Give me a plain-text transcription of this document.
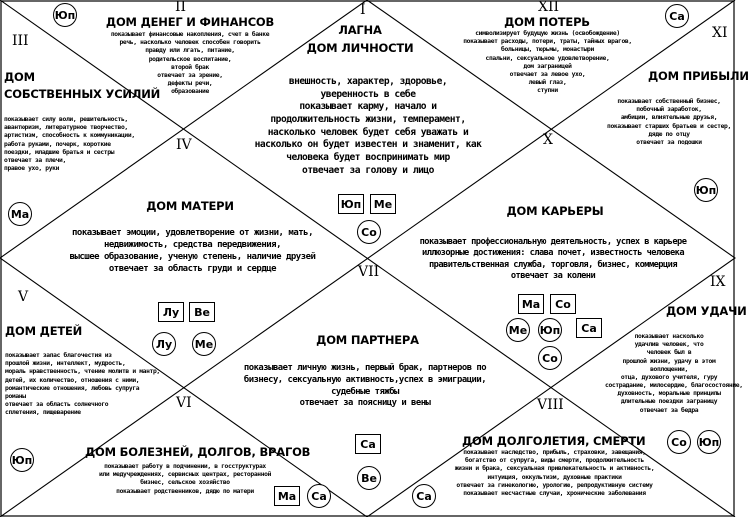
I
ЛАГНА
ДОМ ЛИЧНОСТИ
внешность, характер, здоровье,
уверенность в себе
показывает карму, начало и
продолжительность жизни, темперамент,
насколько человек будет себя уважать и
насколько он будет известен и знаменит, как
человека будет воспринимать мир
отвечает за голову и лицо
Юп	Ме
Со
Юп	II
ДОМ ДЕНЕГ И ФИНАНСОВ
показывает финансовые накопления, счет в банке
речь, насколько человек способен говорить
правду или лгать, питание,
родительское воспитание,
второй брак
отвечает за зрение,
дефекты речи,
образование
III
ДОМ
СОБСТВЕННЫХ УСИЛИЙ
показывает силу воли, решительность,
авантюризм, литературное творчество,
артистизм, способность к коммуникации,
работа руками, почерк, короткие
поездки, младшие братья и сестры
отвечает за плечи,
правое ухо, руки
Ма
IV
ДОМ МАТЕРИ
показывает эмоции, удовлетворение от жизни, мать,
недвижимость, средства передвижения,
высшее образование, ученую степень, наличие друзей
отвечает за область груди и сердце
Лу	Ве
Лу	Ме
V
ДОМ ДЕТЕЙ
показывает запас благочестия из
прошлой жизни, интеллект, мудрость,
мораль нравственность, чтение молитв и мантр,
детей, их количество, отношения с ними,
романтические отношения, любовь супруга
романы
отвечает за область солнечного
сплетения, пищеварение
Юп
VI
ДОМ БОЛЕЗНЕЙ, ДОЛГОВ, ВРАГОВ
показывает работу в подчинении, в госструктурах
или медучреждениях, сервисных центрах, ресторанной
бизнес, сельское хозяйство
показывает родственников, дядю по матери	Ма	Са
VII
ДОМ ПАРТНЕРА
показывает личную жизнь, первый брак, партнеров по
бизнесу, сексуальную активность,успех в эмиграции,
судебные тяжбы
отвечает за поясницу и вены
Са
Ве
VIII
ДОМ ДОЛГОЛЕТИЯ, СМЕРТИ
показывает наследство, прибыль, страховки, завещания,
богатство от супруга, виды смерти, продолжительность
жизни и брака, сексуальная привлекательность и активность,
интуиция, оккультизм, духовные практики
отвечает за гинекологию, урологию, репродуктивную систему
показывает несчастные случаи, хронические заболевания
Са
IX
ДОМ УДАЧИ
показывает насколько
удачлив человек, что
человек был в
прошлой жизни, удачу в этом
воплощении,
отца, духового учителя, гуру
сострадание, милосердие, благосостояние,
духовность, моральные принципы
длительные поездки заграницу
отвечает за бедра
Со	Юп
X
ДОМ КАРЬЕРЫ
показывает профессиональную деятельность, успех в карьере
иллюзорные достижения: слава почет, известность человека
правительственная служба, торговля, бизнес, коммерция
отвечает за колени
Ма	Со
Ме Юп	Са
Со
Са
XI
ДОМ ПРИБЫЛИ
показывает собственный бизнес,
побочный заработок,
амбиции, влиятельные друзья,
показывает старших братьев и сестер,
дядю по отцу
отвечает за подошки
Юп
XII
ДОМ ПОТЕРЬ
символизирует будущую жизнь (освобождение)
показывает расходы, потери, траты, тайных врагов,
больницы, тюрьмы, монастыри
спальни, сексуальное удовлетворение,
дом заграницей
отвечает за левое ухо,
левый глаз,
ступни
